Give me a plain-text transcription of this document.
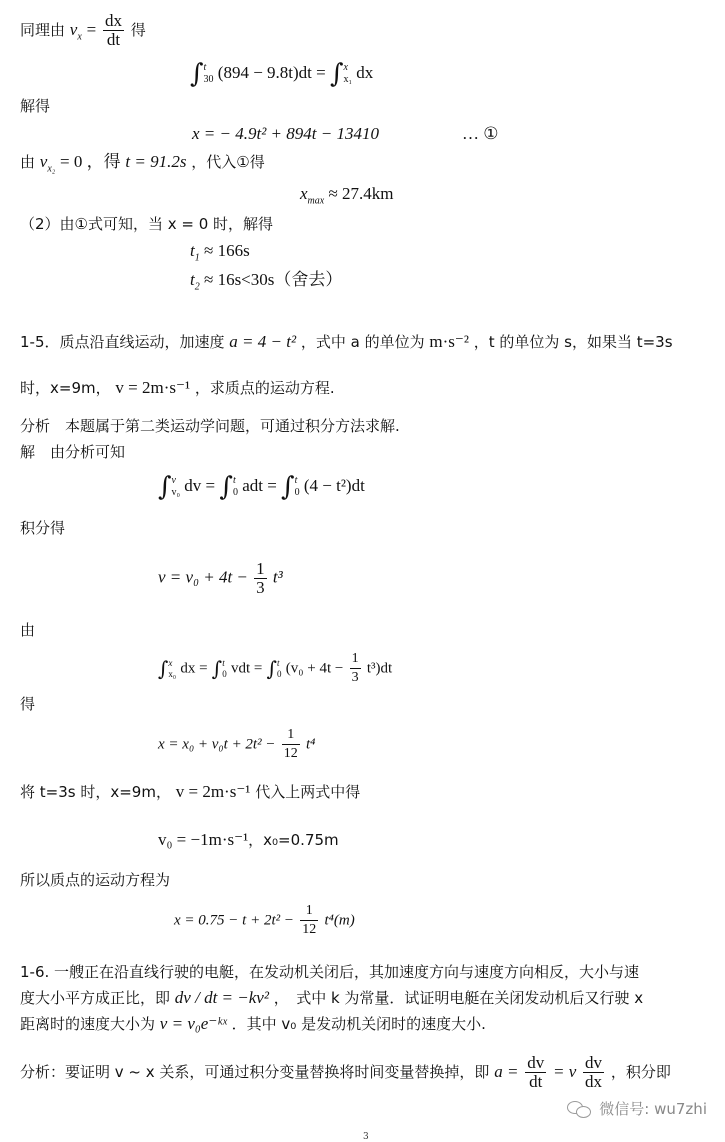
同理由 $v_x = \frac{dx}{dt}$ 得
∫t
30 (894 − 9.8t)dt = ∫x
x₁ dx
解得
x = − 4.9t² + 894t − 13410	… ①
由 $v_{x_2} = 0$ ，得 t = 91.2s ，代入①得
$x_{max} \approx 27.4km$
（2）由①式可知，当 x = 0 时，解得
$t_1 \approx 166s$
$t_2 \approx 16s<30s$（舍去）
1-5．质点沿直线运动，加速度 a = 4 − t² ，式中 a 的单位为 m·s⁻² ，t 的单位为 s，如果当 t=3s
时，x=9m， v = 2m·s⁻¹ ，求质点的运动方程.
分析　本题属于第二类运动学问题，可通过积分方法求解.
解　由分析可知
∫v
v₀ dv = ∫t
0 adt = ∫t
0 (4 − t²)dt
积分得
$v = v_0 + 4t - \frac{1}{3} t^3$
由
∫x
x₀ dx = ∫t
0 vdt = ∫t
0 $(v_0 + 4t - \frac{1}{3} t^3)dt$
得
$x = x_0 + v_0t + 2t^2 - \frac{1}{12} t^4$
将 t=3s 时，x=9m， v = 2m·s⁻¹ 代入上两式中得
v₀ = −1m·s⁻¹，x₀=0.75m
所以质点的运动方程为
$x = 0.75 - t + 2t^2 - \frac{1}{12} t^4(m)$
1-6. 一艘正在沿直线行驶的电艇，在发动机关闭后，其加速度方向与速度方向相反，大小与速
度大小平方成正比，即 dv / dt = −kv² ，　式中 k 为常量．试证明电艇在关闭发动机后又行驶 x
距离时的速度大小为 v = v₀e⁻ᵏˣ ．其中 v₀ 是发动机关闭时的速度大小.
分析：要证明 v ~ x 关系，可通过积分变量替换将时间变量替换掉，即 $a = \frac{dv}{dt} = v \frac{dv}{dx}$ ，积分即
微信号: wu7zhi
3
